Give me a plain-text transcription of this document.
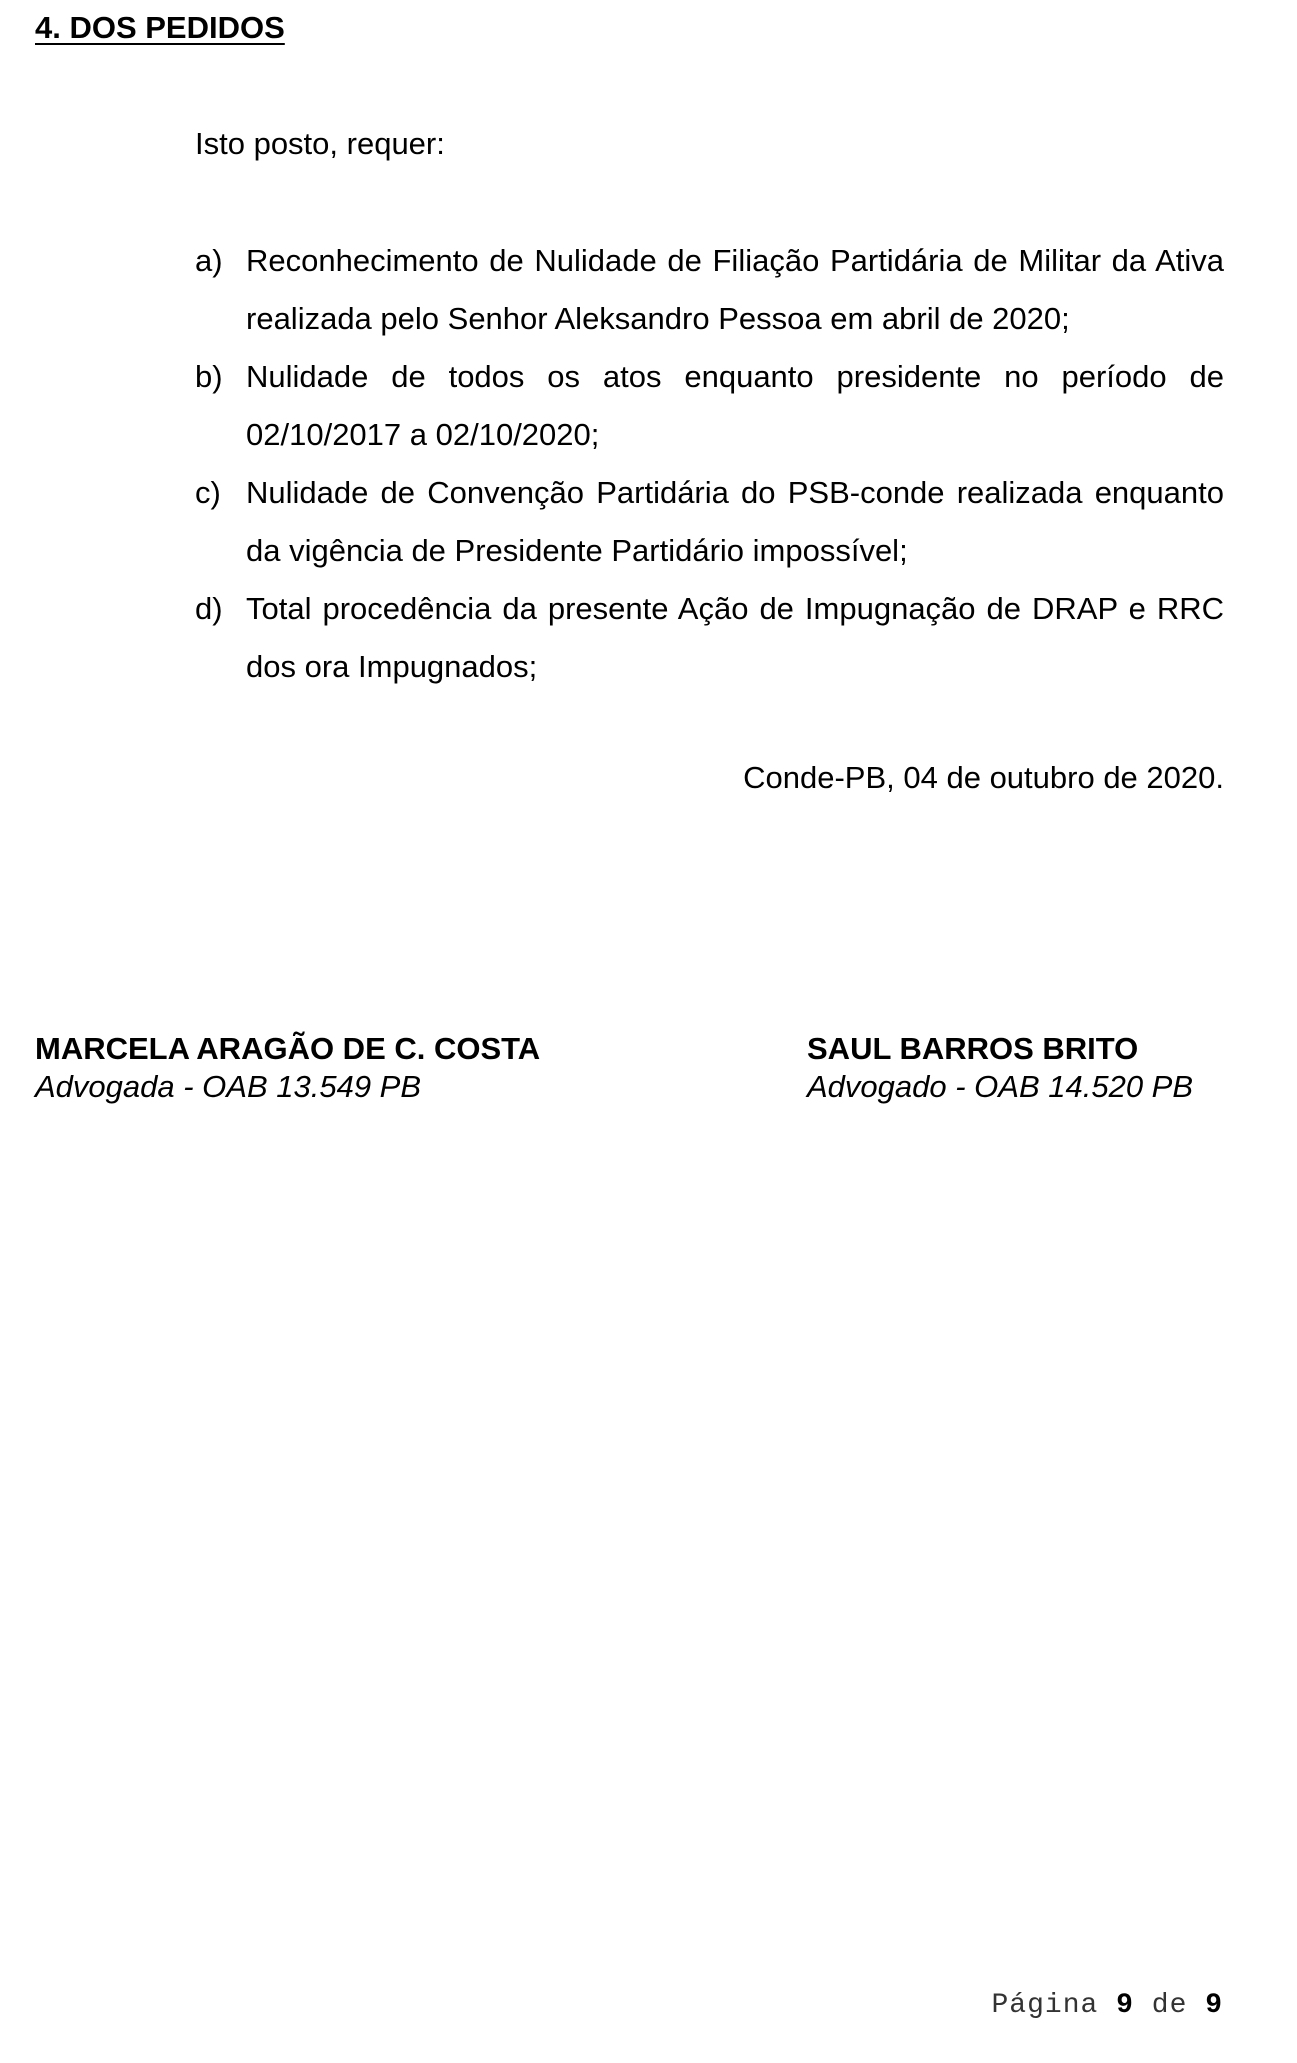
4. DOS PEDIDOS
Isto posto, requer:
a) Reconhecimento de Nulidade de Filiação Partidária de Militar da Ativa realizada pelo Senhor Aleksandro Pessoa em abril de 2020;
b) Nulidade de todos os atos enquanto presidente no período de 02/10/2017 a 02/10/2020;
c) Nulidade de Convenção Partidária do PSB-conde realizada enquanto da vigência de Presidente Partidário impossível;
d) Total procedência da presente Ação de Impugnação de DRAP e RRC dos ora Impugnados;
Conde-PB, 04 de outubro de 2020.
MARCELA ARAGÃO DE C. COSTA
Advogada - OAB 13.549 PB
SAUL BARROS BRITO
Advogado - OAB 14.520 PB
Página 9 de 9
